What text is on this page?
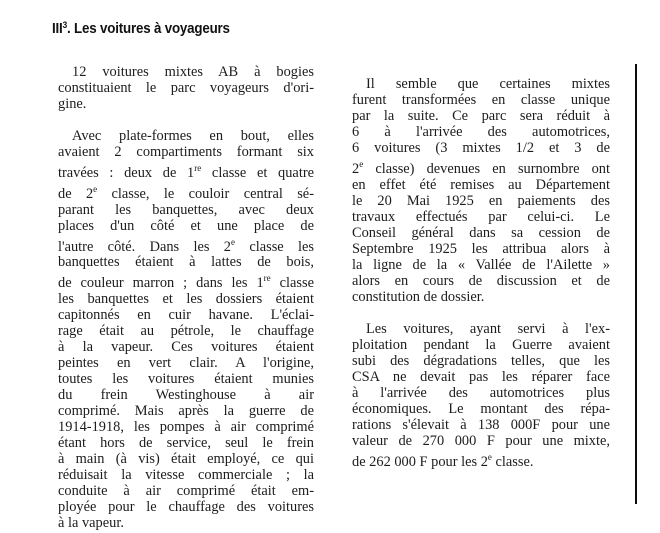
III$^3$. Les voitures à voyageurs

12 voitures mixtes AB à bogies
constituaient le parc voyageurs d'ori-
gine.

Avec plate-formes en bout, elles
avaient 2 compartiments formant six
travées : deux de 1re classe et quatre
de 2e classe, le couloir central sé-
parant les banquettes, avec deux
places d'un côté et une place de
l'autre côté. Dans les 2e classe les
banquettes étaient à lattes de bois,
de couleur marron ; dans les 1re classe
les banquettes et les dossiers étaient
capitonnés en cuir havane. L'éclai-
rage était au pétrole, le chauffage
à la vapeur. Ces voitures étaient
peintes en vert clair. A l'origine,
toutes les voitures étaient munies
du frein Westinghouse à air
comprimé. Mais après la guerre de
1914-1918, les pompes à air comprimé
étant hors de service, seul le frein
à main (à vis) était employé, ce qui
réduisait la vitesse commerciale ; la
conduite à air comprimé était em-
ployée pour le chauffage des voitures
à la vapeur.

Il semble que certaines mixtes
furent transformées en classe unique
par la suite. Ce parc sera réduit à
6 à l'arrivée des automotrices,
6 voitures (3 mixtes 1/2 et 3 de
2e classe) devenues en surnombre ont
en effet été remises au Département
le 20 Mai 1925 en paiements des
travaux effectués par celui-ci. Le
Conseil général dans sa cession de
Septembre 1925 les attribua alors à
la ligne de la « Vallée de l'Ailette »
alors en cours de discussion et de
constitution de dossier.

Les voitures, ayant servi à l'ex-
ploitation pendant la Guerre avaient
subi des dégradations telles, que les
CSA ne devait pas les réparer face
à l'arrivée des automotrices plus
économiques. Le montant des répa-
rations s'élevait à 138 000F pour une
valeur de 270 000 F pour une mixte,
de 262 000 F pour les 2e classe.
